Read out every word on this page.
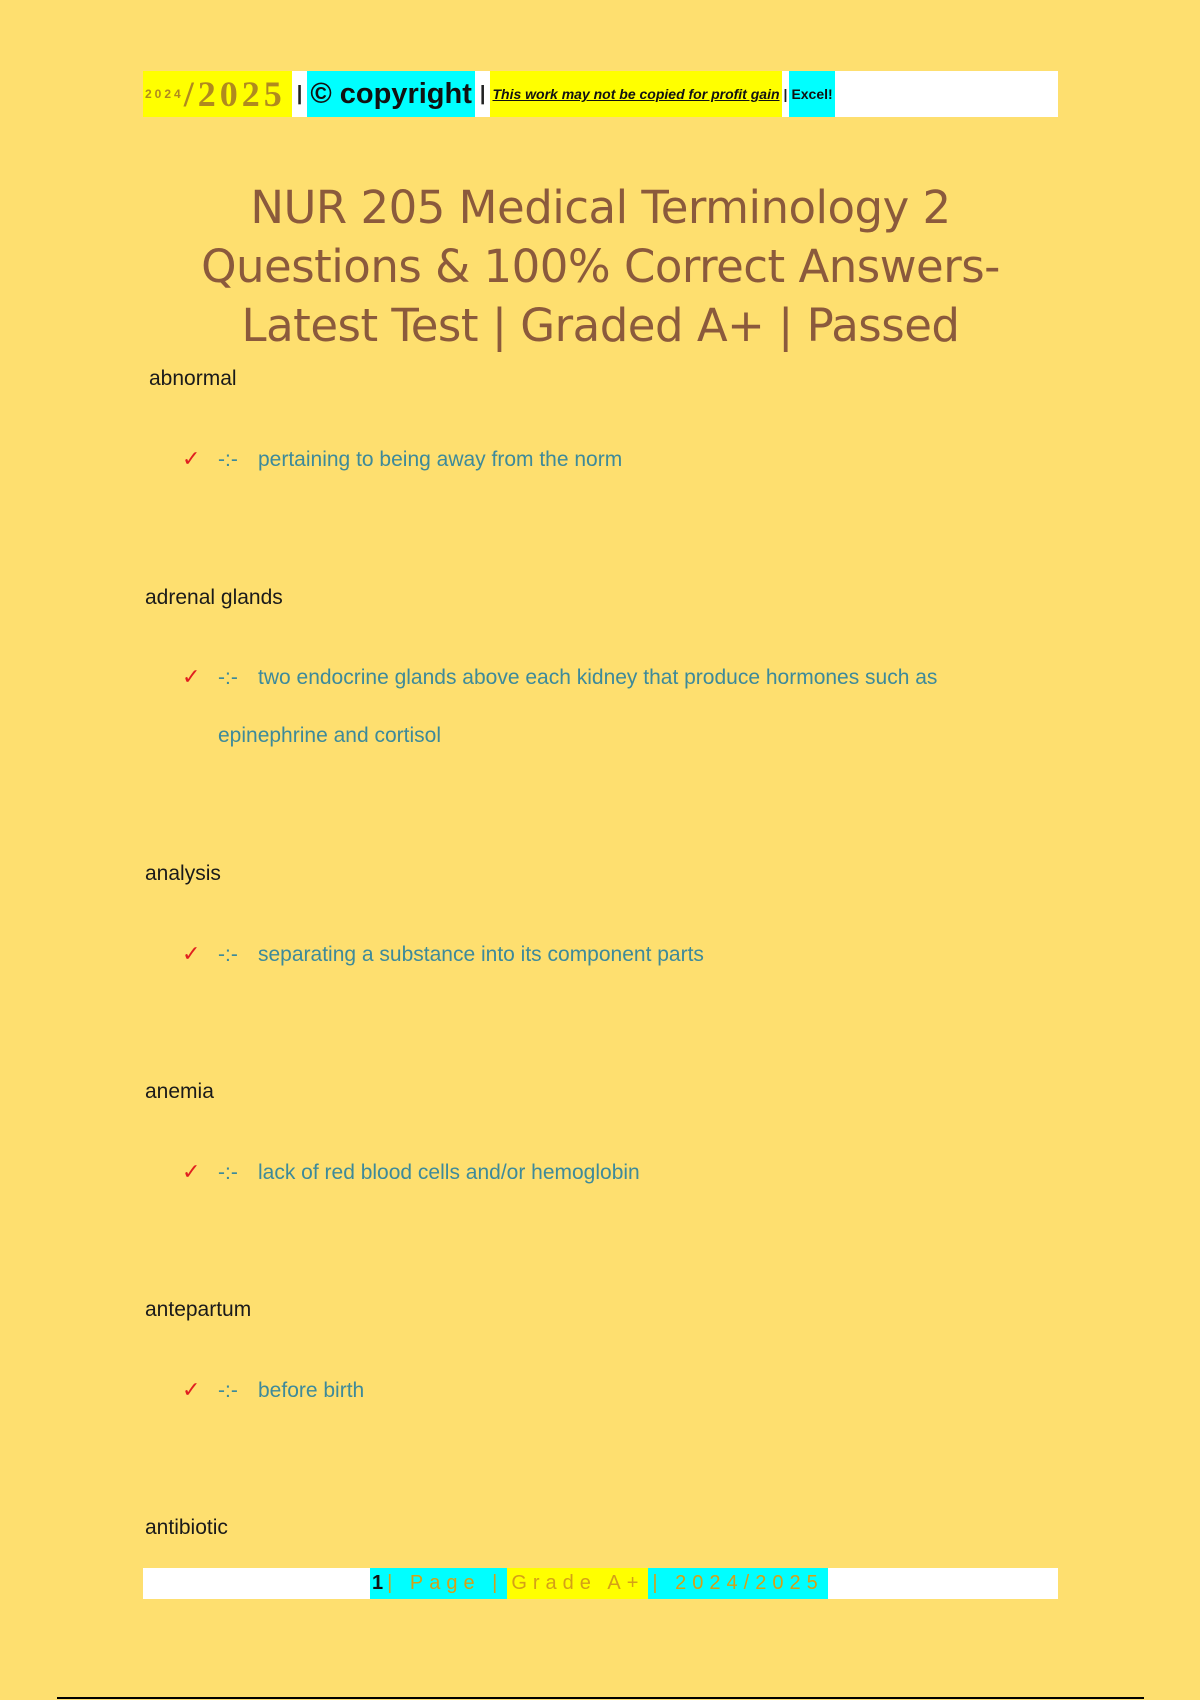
2024 /2025 | © copyright | This work may not be copied for profit gain | Excel!
NUR 205 Medical Terminology 2 Questions & 100% Correct Answers- Latest Test | Graded A+ | Passed
abnormal
✓ -:- pertaining to being away from the norm
adrenal glands
✓ -:- two endocrine glands above each kidney that produce hormones such as
epinephrine and cortisol
analysis
✓ -:- separating a substance into its component parts
anemia
✓ -:- lack of red blood cells and/or hemoglobin
antepartum
✓ -:- before birth
antibiotic
1 | Page | Grade A+ | 2024/2025
